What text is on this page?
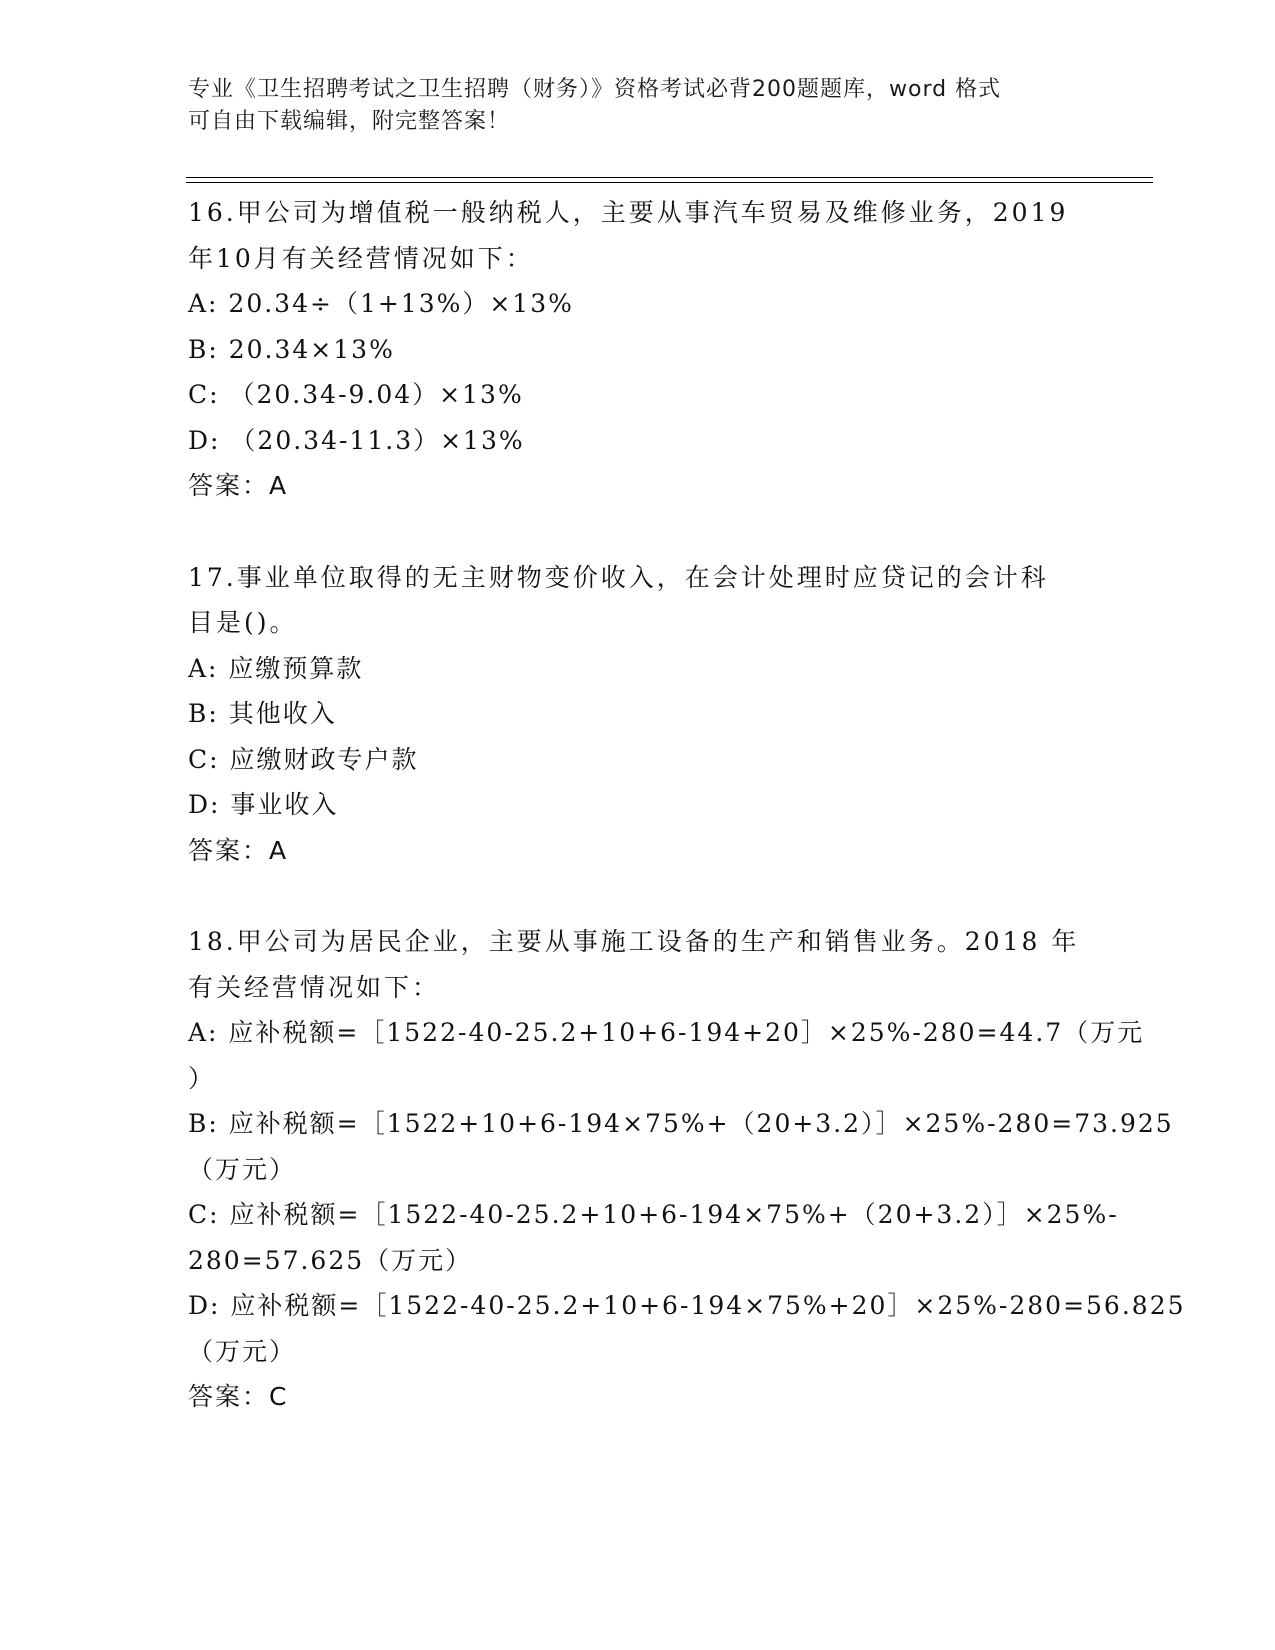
专业《卫生招聘考试之卫生招聘（财务）》资格考试必背200题题库，word 格式
可自由下载编辑，附完整答案！
16.甲公司为增值税一般纳税人，主要从事汽车贸易及维修业务，2019
年10月有关经营情况如下：
A: 20.34÷（1+13%）×13%
B: 20.34×13%
C: （20.34-9.04）×13%
D: （20.34-11.3）×13%
答案：A
17.事业单位取得的无主财物变价收入，在会计处理时应贷记的会计科
目是()。
A: 应缴预算款
B: 其他收入
C: 应缴财政专户款
D: 事业收入
答案：A
18.甲公司为居民企业，主要从事施工设备的生产和销售业务。2018 年
有关经营情况如下：
A: 应补税额=［1522-40-25.2+10+6-194+20］×25%-280=44.7（万元
）
B: 应补税额=［1522+10+6-194×75%+（20+3.2）］×25%-280=73.925
（万元）
C: 应补税额=［1522-40-25.2+10+6-194×75%+（20+3.2）］×25%-
280=57.625（万元）
D: 应补税额=［1522-40-25.2+10+6-194×75%+20］×25%-280=56.825
（万元）
答案：C
